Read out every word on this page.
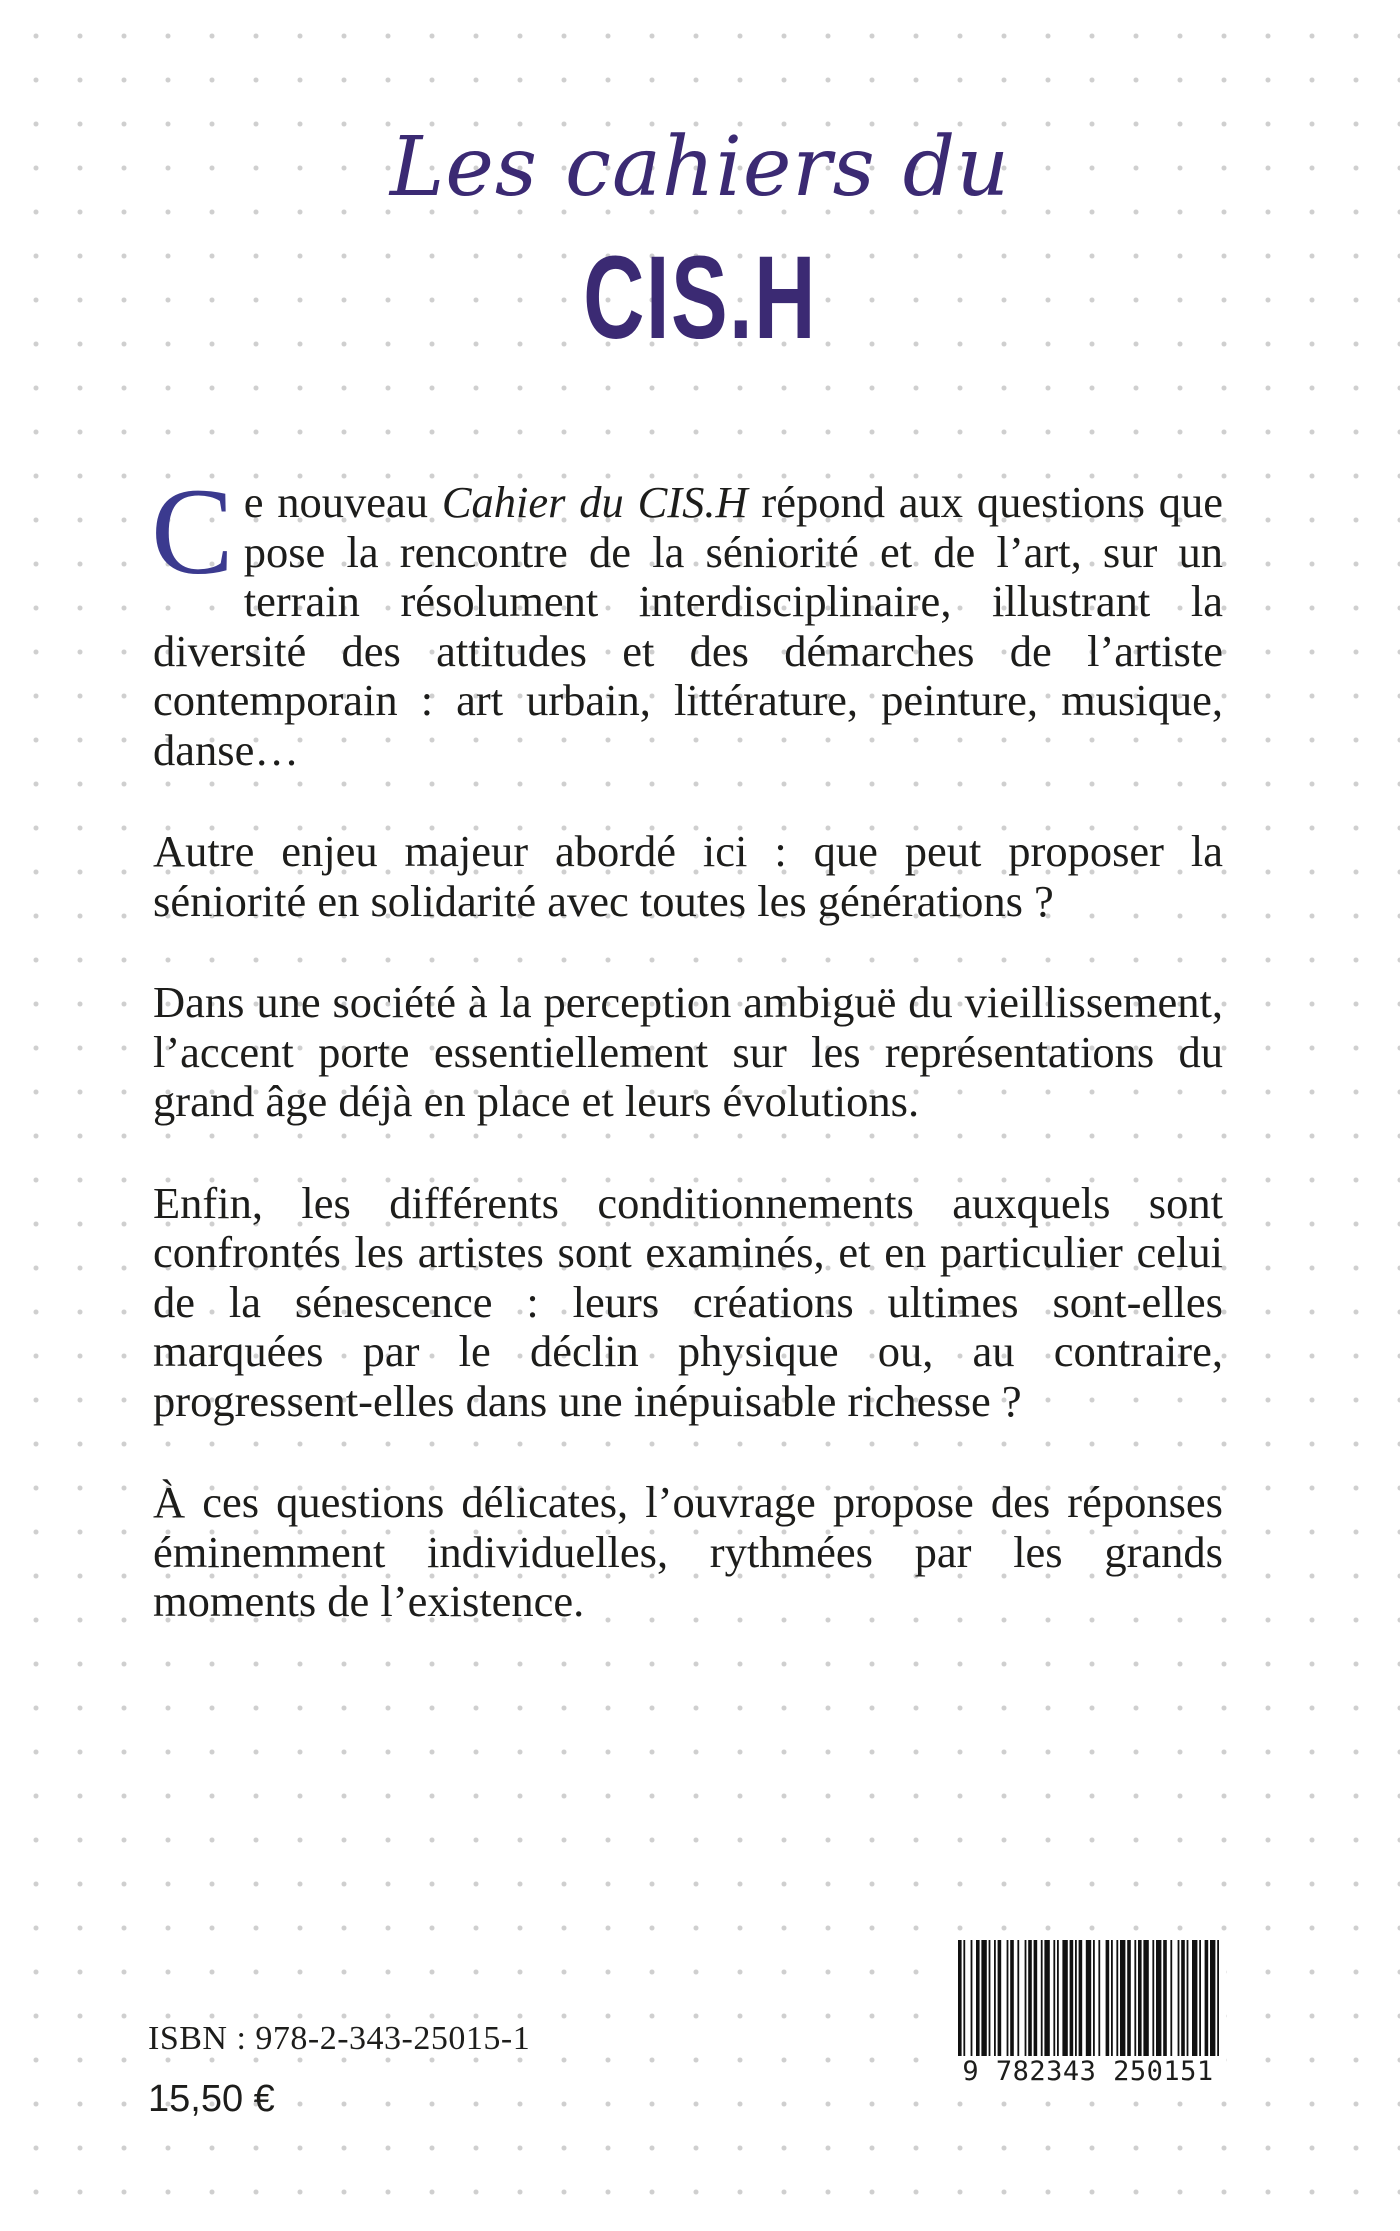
Les cahiers du
CIS.H

Ce nouveau Cahier du CIS.H répond aux questions que pose la rencontre de la séniorité et de l’art, sur un terrain résolument interdisciplinaire, illustrant la diversité des attitudes et des démarches de l’artiste contemporain : art urbain, littérature, peinture, musique, danse…

Autre enjeu majeur abordé ici : que peut proposer la séniorité en solidarité avec toutes les générations ?

Dans une société à la perception ambiguë du vieillissement, l’accent porte essentiellement sur les représentations du grand âge déjà en place et leurs évolutions.

Enfin, les différents conditionnements auxquels sont confrontés les artistes sont examinés, et en particulier celui de la sénescence : leurs créations ultimes sont-elles marquées par le déclin physique ou, au contraire, progressent-elles dans une inépuisable richesse ?

À ces questions délicates, l’ouvrage propose des réponses éminemment individuelles, rythmées par les grands moments de l’existence.

ISBN : 978-2-343-25015-1
15,50 €
9 782343 250151
